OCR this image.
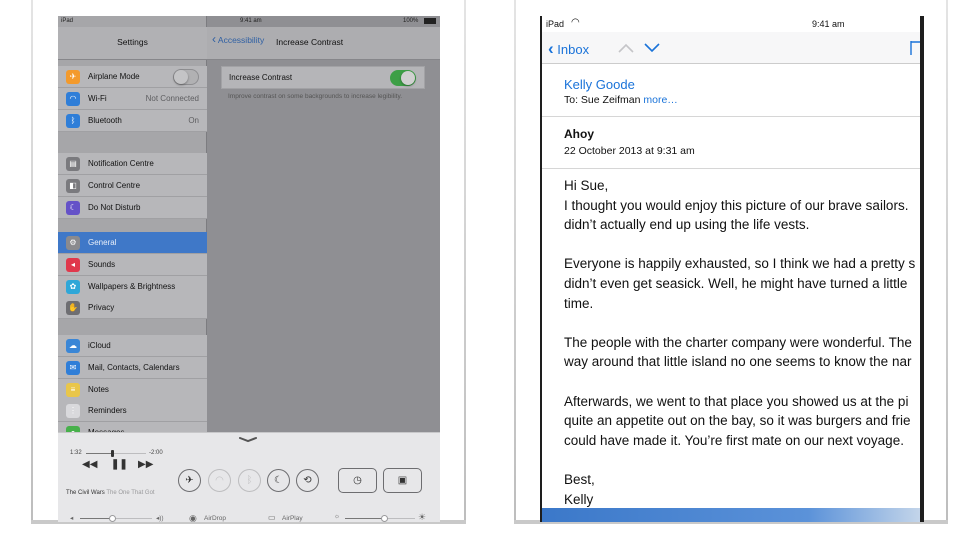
Settings
✈	Airplane Mode
◠	Wi-Fi	Not Connected
ᛒ	Bluetooth	On
▤	Notification Centre
◧	Control Centre
☾	Do Not Disturb
⚙	General
◂	Sounds
✿	Wallpapers & Brightness
✋ Privacy
☁	iCloud
✉	Mail, Contacts, Calendars
≡	Notes
⋮	Reminders
iPad	9:41 am	100%
‹ Accessibility Increase Contrast
Increase Contrast
Improve contrast on some backgrounds to increase legibility.
1:32	-2:00
◀◀ ❚❚ ▶▶
The Civil Wars The One That Got
✈	◠	ᛒ	☾	⟲	◷	▣
◂	◂))	◉ AirDrop	▭ AirPlay	☼	☀
iPad ◠	9:41 am
‹ Inbox
Kelly Goode
To: Sue Zeifman more…
Ahoy
22 October 2013 at 9:31 am

Hi Sue,
I thought you would enjoy this picture of our brave sailors.
didn’t actually end up using the life vests.

Everyone is happily exhausted, so I think we had a pretty s
didn’t even get seasick. Well, he might have turned a little
time.

The people with the charter company were wonderful. The
way around that little island no one seems to know the nar

Afterwards, we went to that place you showed us at the pi
quite an appetite out on the bay, so it was burgers and frie
could have made it. You’re first mate on our next voyage.

Best,
Kelly
